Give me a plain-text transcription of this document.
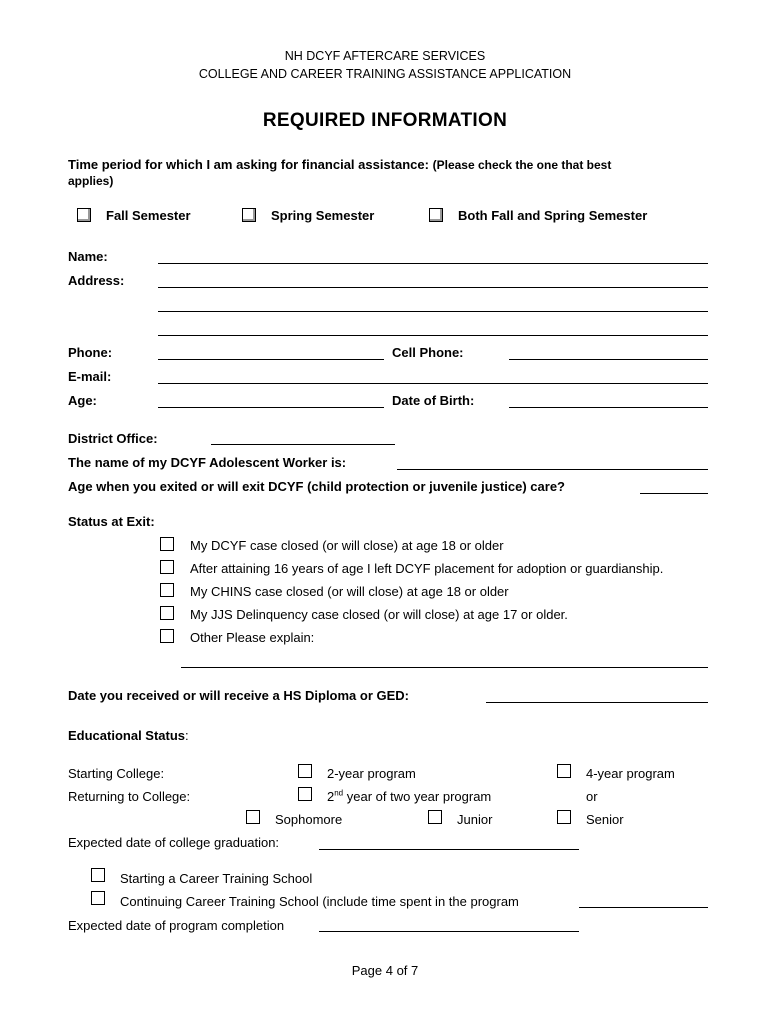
NH DCYF AFTERCARE SERVICES
COLLEGE AND CAREER TRAINING ASSISTANCE APPLICATION
REQUIRED INFORMATION
Time period for which I am asking for financial assistance: (Please check the one that best
applies)
Fall Semester	Spring Semester	Both Fall and Spring Semester
Name:
Address:
Phone:	Cell Phone:
E-mail:
Age:	Date of Birth:
District Office:
The name of my DCYF Adolescent Worker is:
Age when you exited or will exit DCYF (child protection or juvenile justice) care?
Status at Exit:
My DCYF case closed (or will close) at age 18 or older
After attaining 16 years of age I left DCYF placement for adoption or guardianship.
My CHINS case closed (or will close) at age 18 or older
My JJS Delinquency case closed (or will close) at age 17 or older.
Other Please explain:
Date you received or will receive a HS Diploma or GED:
Educational Status:
Starting College:	2-year program	4-year program
Returning to College:	2nd year of two year program	or
Sophomore	Junior	Senior
Expected date of college graduation:
Starting a Career Training School
Continuing Career Training School (include time spent in the program
Expected date of program completion
Page 4 of 7
